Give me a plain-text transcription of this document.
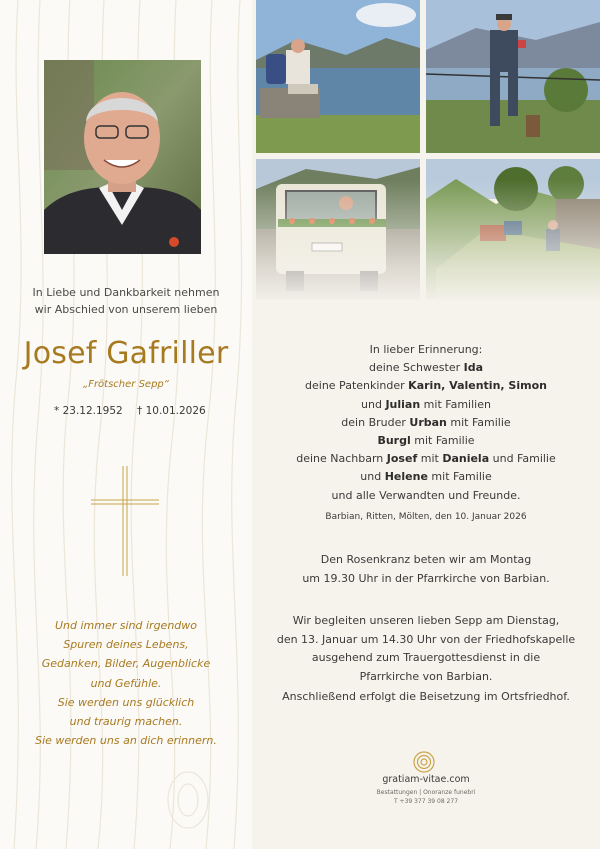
In Liebe und Dankbarkeit nehmen
wir Abschied von unserem lieben
Josef Gafriller
„Frötscher Sepp“
* 23.12.1952 † 10.01.2026
Und immer sind irgendwo
Spuren deines Lebens,
Gedanken, Bilder, Augenblicke
und Gefühle.
Sie werden uns glücklich
und traurig machen.
Sie werden uns an dich erinnern.
In lieber Erinnerung:
deine Schwester Ida
deine Patenkinder Karin, Valentin, Simon
und Julian mit Familien
dein Bruder Urban mit Familie
Burgl mit Familie
deine Nachbarn Josef mit Daniela und Familie
und Helene mit Familie
und alle Verwandten und Freunde.
Barbian, Ritten, Mölten, den 10. Januar 2026
Den Rosenkranz beten wir am Montag
um 19.30 Uhr in der Pfarrkirche von Barbian.
Wir begleiten unseren lieben Sepp am Dienstag,
den 13. Januar um 14.30 Uhr von der Friedhofskapelle
ausgehend zum Trauergottesdienst in die
Pfarrkirche von Barbian.
Anschließend erfolgt die Beisetzung im Ortsfriedhof.
gratiam-vitae.com
Bestattungen | Onoranze funebri
T +39 377 39 08 277
